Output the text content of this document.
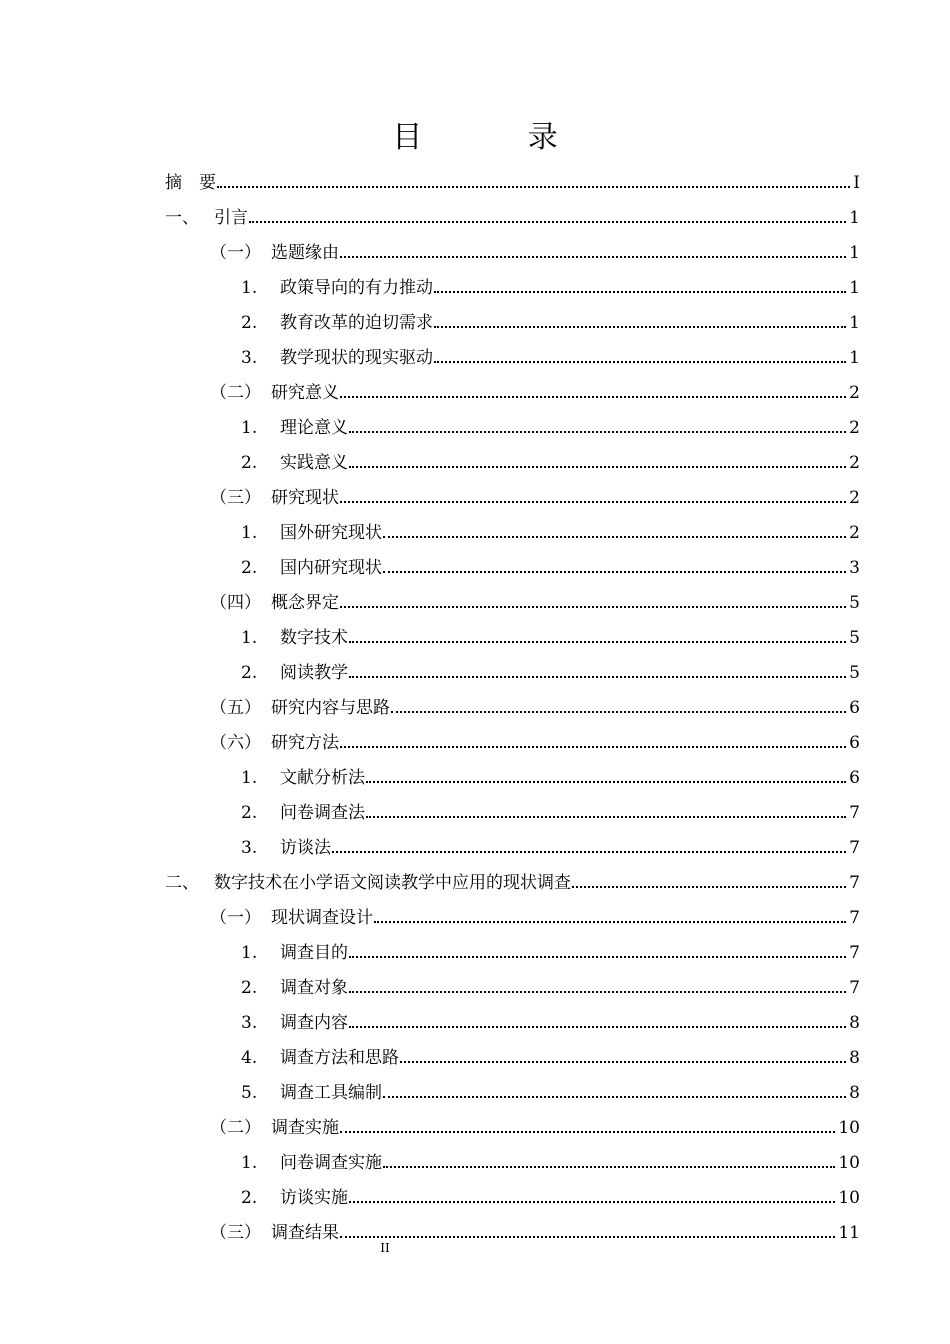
目 录
摘　要	I
一、 引言	1
（一） 选题缘由	1
1.	政策导向的有力推动	1
2.	教育改革的迫切需求	1
3.	教学现状的现实驱动	1
（二） 研究意义	2
1.	理论意义	2
2.	实践意义	2
（三） 研究现状	2
1.	国外研究现状	2
2.	国内研究现状	3
（四） 概念界定	5
1.	数字技术	5
2.	阅读教学	5
（五） 研究内容与思路	6
（六） 研究方法	6
1.	文献分析法	6
2.	问卷调查法	7
3.	访谈法	7
二、 数字技术在小学语文阅读教学中应用的现状调查	7
（一） 现状调查设计	7
1.	调查目的	7
2.	调查对象	7
3.	调查内容	8
4.	调查方法和思路	8
5.	调查工具编制	8
（二） 调查实施	10
1.	问卷调查实施	10
2.	访谈实施	10
（三） 调查结果	11
II
